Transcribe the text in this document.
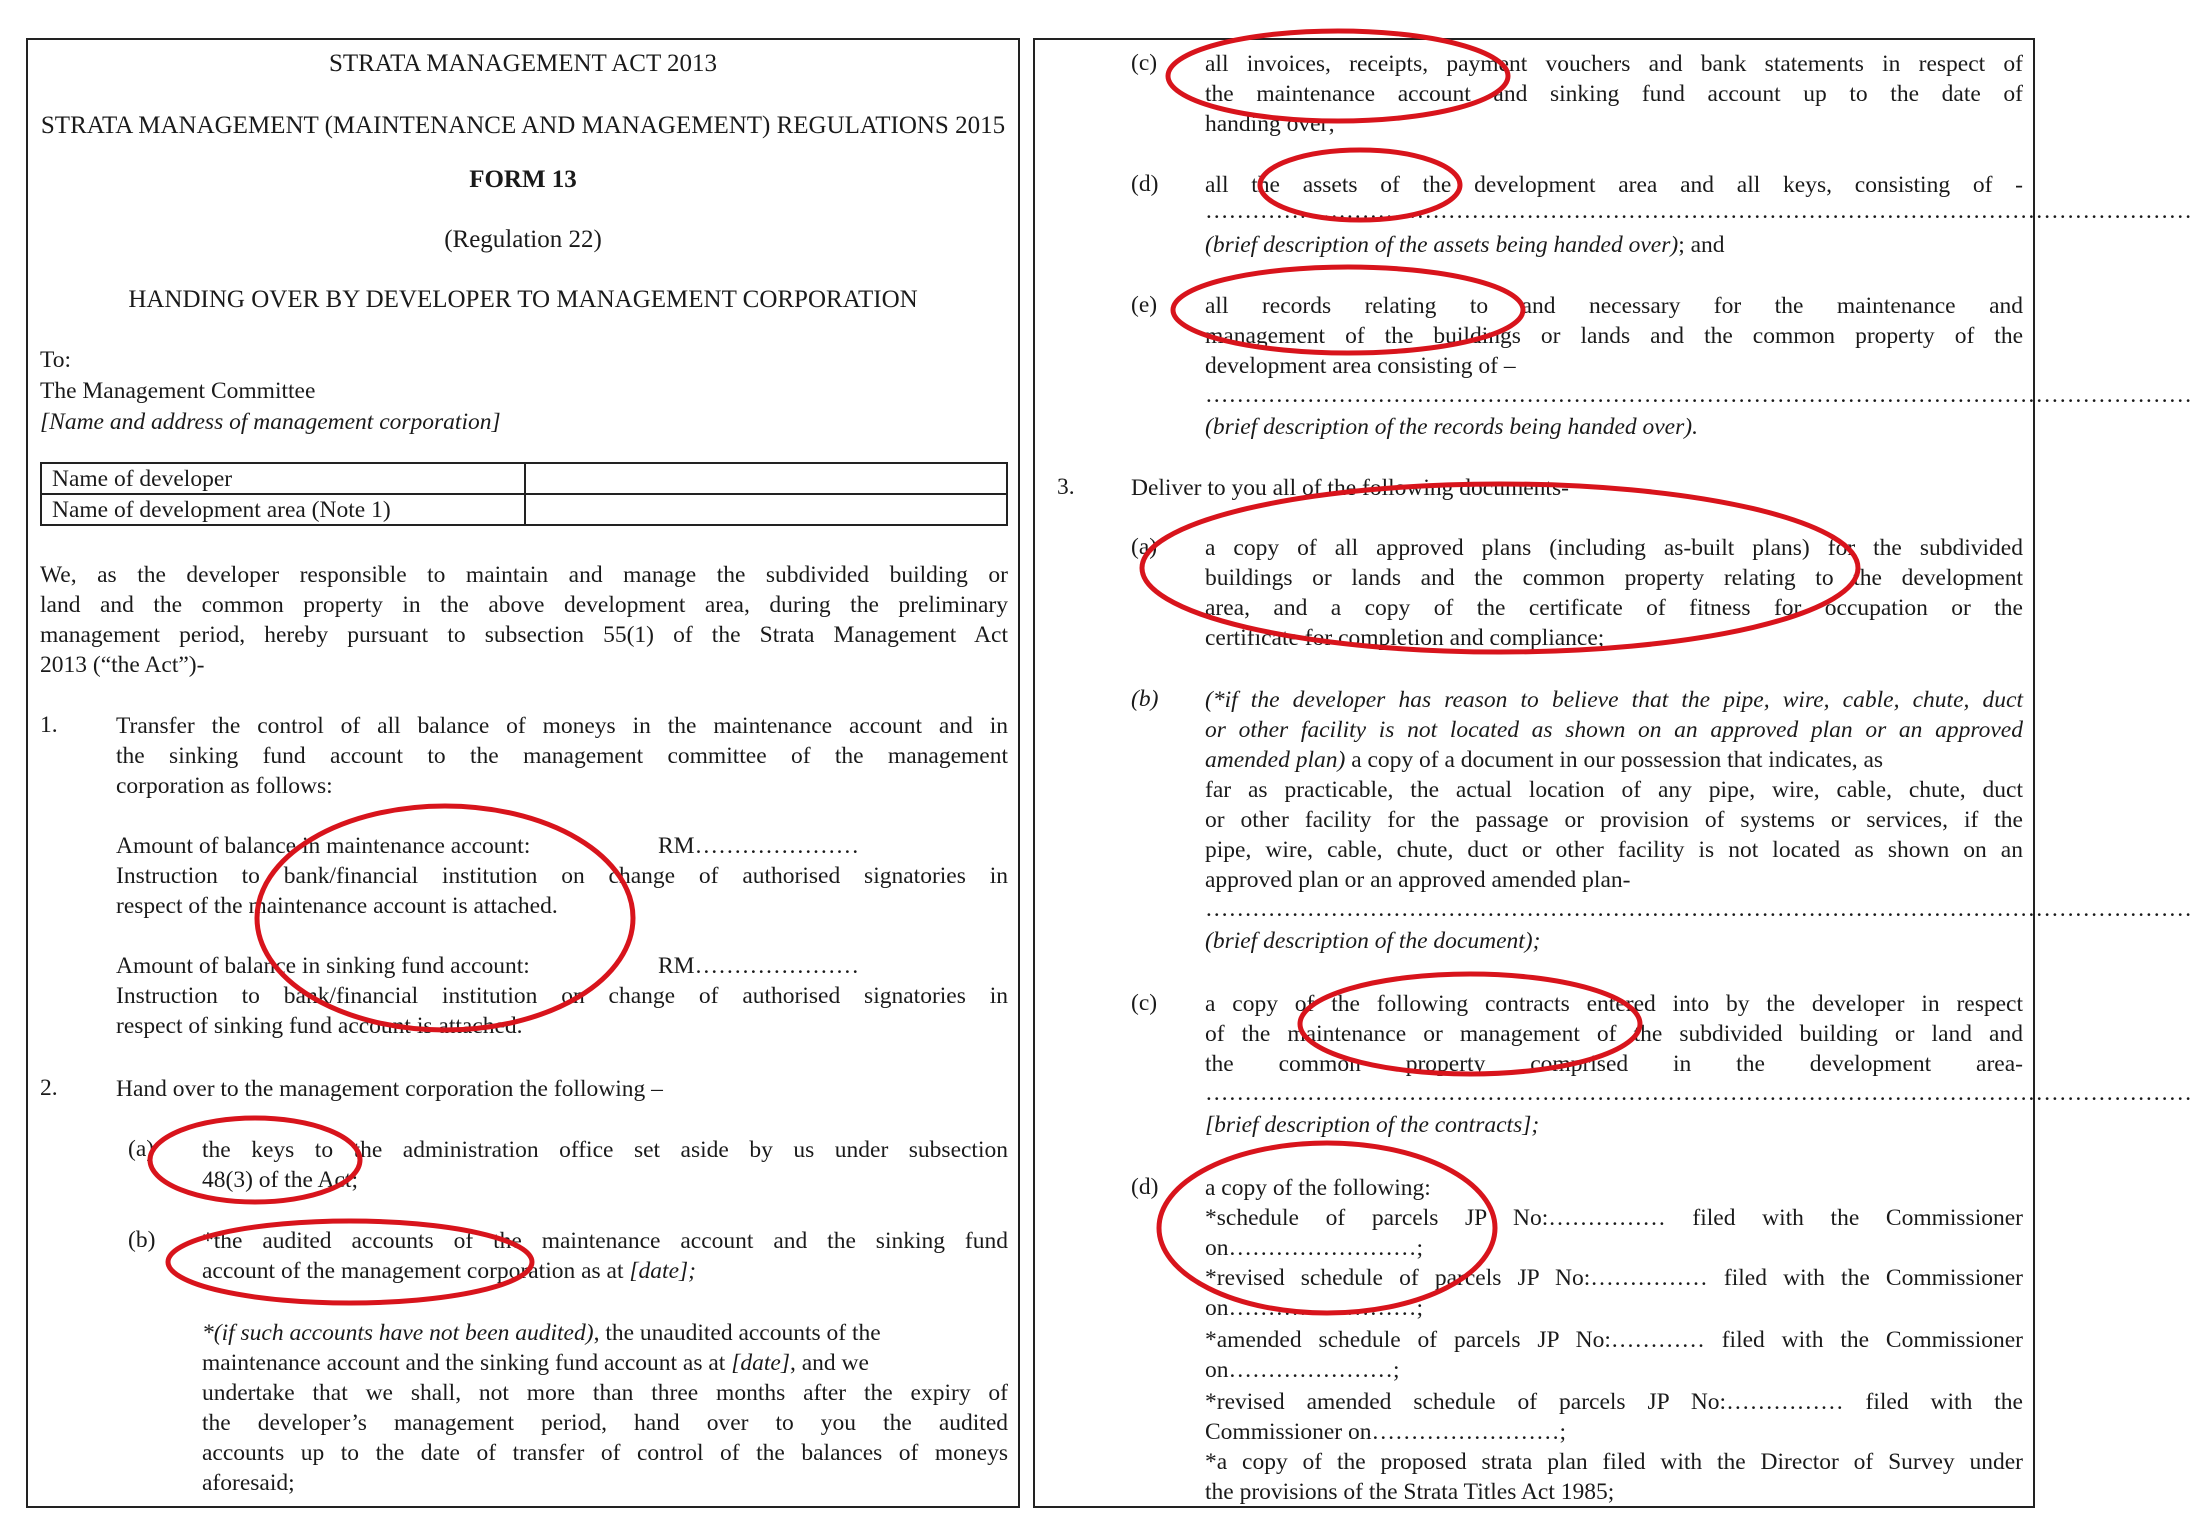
STRATA MANAGEMENT ACT 2013
STRATA MANAGEMENT (MAINTENANCE AND MANAGEMENT) REGULATIONS 2015
FORM 13
(Regulation 22)
HANDING OVER BY DEVELOPER TO MANAGEMENT CORPORATION
To:
The Management Committee
[Name and address of management corporation]
Name of developer	
Name of development area (Note 1)	
We, as the developer responsible to maintain and manage the subdivided building or
land and the common property in the above development area, during the preliminary
management period, hereby pursuant to subsection 55(1) of the Strata Management Act
2013 (“the Act”)-
1. Transfer the control of all balance of moneys in the maintenance account and in
the sinking fund account to the management committee of the management
corporation as follows:
Amount of balance in maintenance account:	RM…………………
Instruction to bank/financial institution on change of authorised signatories in
respect of the maintenance account is attached.
Amount of balance in sinking fund account:	RM…………………
Instruction to bank/financial institution on change of authorised signatories in
respect of sinking fund account is attached.
2. Hand over to the management corporation the following –
(a) the keys to the administration office set aside by us under subsection
48(3) of the Act;
(b) *the audited accounts of the maintenance account and the sinking fund
account of the management corporation as at [date];
*(if such accounts have not been audited), the unaudited accounts of the
maintenance account and the sinking fund account as at [date], and we
undertake that we shall, not more than three months after the expiry of
the developer’s management period, hand over to you the audited
accounts up to the date of transfer of control of the balances of moneys
aforesaid;
(c) all invoices, receipts, payment vouchers and bank statements in respect of
the maintenance account and sinking fund account up to the date of
handing over;
(d) all the assets of the development area and all keys, consisting of -
………………………………………………………………………………………………………………
(brief description of the assets being handed over); and
(e) all records relating to and necessary for the maintenance and
management of the buildings or lands and the common property of the
development area consisting of –
………………………………………………………………………………………………………………
(brief description of the records being handed over).
3. Deliver to you all of the following documents-
(a) a copy of all approved plans (including as-built plans) for the subdivided
buildings or lands and the common property relating to the development
area, and a copy of the certificate of fitness for occupation or the
certificate for completion and compliance;
(b) (*if the developer has reason to believe that the pipe, wire, cable, chute, duct
or other facility is not located as shown on an approved plan or an approved
amended plan) a copy of a document in our possession that indicates, as
far as practicable, the actual location of any pipe, wire, cable, chute, duct
or other facility for the passage or provision of systems or services, if the
pipe, wire, cable, chute, duct or other facility is not located as shown on an
approved plan or an approved amended plan-
………………………………………………………………………………………………………………
(brief description of the document);
(c) a copy of the following contracts entered into by the developer in respect
of the maintenance or management of the subdivided building or land and
the common property comprised in the development area-
………………………………………………………………………………………………………………
[brief description of the contracts];
(d) a copy of the following:
*schedule of parcels JP No:…………… filed with the Commissioner
on……………………;
*revised schedule of parcels JP No:…………… filed with the Commissioner
on……………………;
*amended schedule of parcels JP No:………… filed with the Commissioner
on…………………;
*revised amended schedule of parcels JP No:…………… filed with the
Commissioner on……………………;
*a copy of the proposed strata plan filed with the Director of Survey under
the provisions of the Strata Titles Act 1985;
